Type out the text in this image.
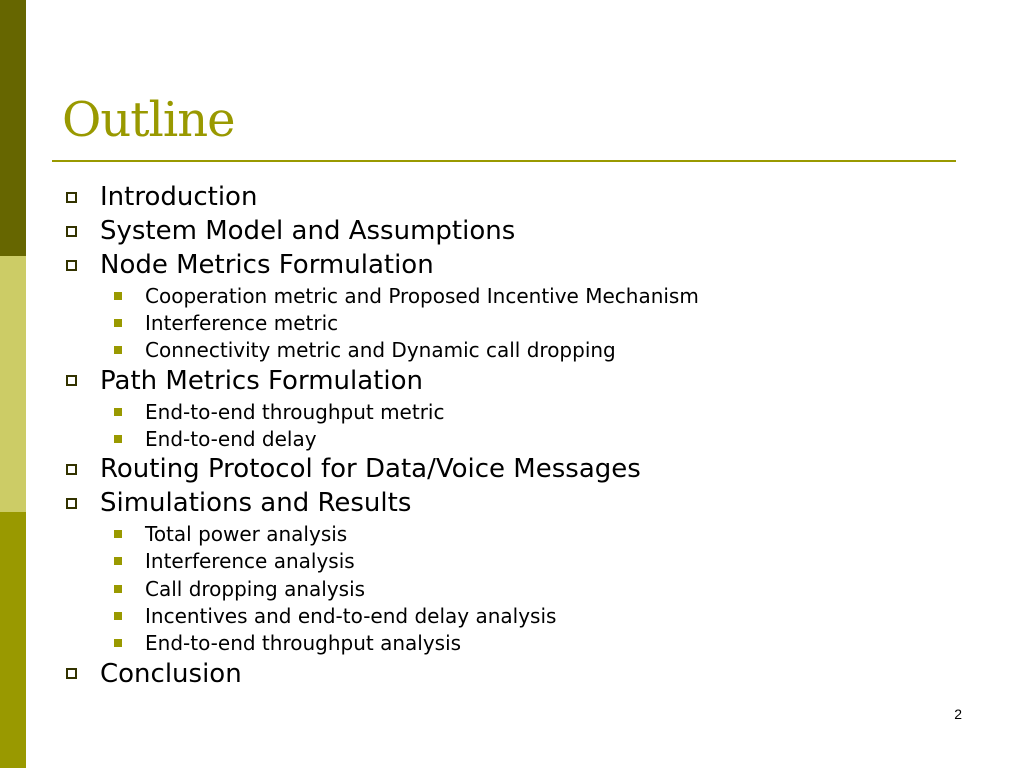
Outline
Introduction
System Model and Assumptions
Node Metrics Formulation
Cooperation metric and Proposed Incentive Mechanism
Interference metric
Connectivity metric and Dynamic call dropping
Path Metrics Formulation
End-to-end throughput metric
End-to-end delay
Routing Protocol for Data/Voice Messages
Simulations and Results
Total power analysis
Interference analysis
Call dropping analysis
Incentives and end-to-end delay analysis
End-to-end throughput analysis
Conclusion
2
